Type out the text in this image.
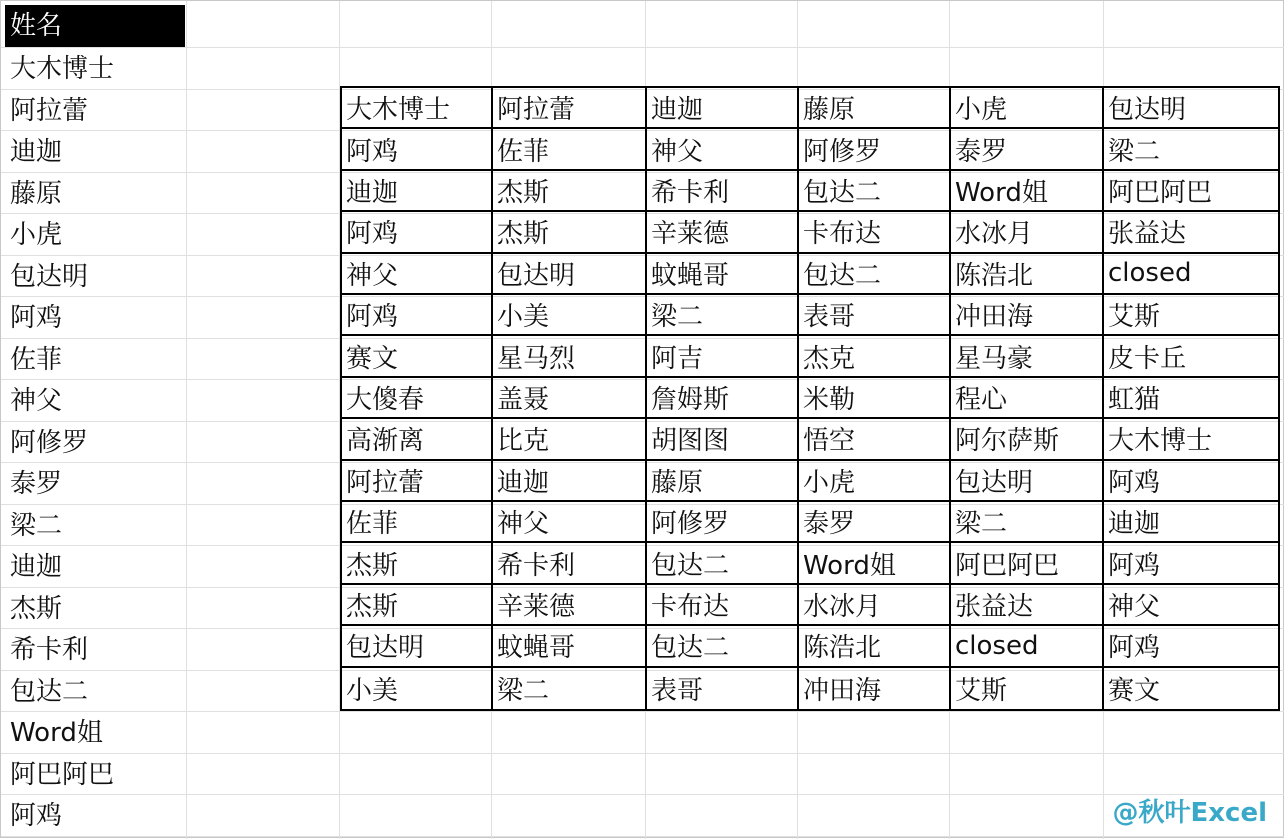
姓名
大木博士
阿拉蕾
迪迦
藤原
小虎
包达明
阿鸡
佐菲
神父
阿修罗
泰罗
梁二
迪迦
杰斯
希卡利
包达二
Word姐
阿巴阿巴
阿鸡
大木博士	阿拉蕾	迪迦	藤原	小虎	包达明
阿鸡	佐菲	神父	阿修罗	泰罗	梁二
迪迦	杰斯	希卡利	包达二	Word姐	阿巴阿巴
阿鸡	杰斯	辛莱德	卡布达	水冰月	张益达
神父	包达明	蚊蝇哥	包达二	陈浩北	closed
阿鸡	小美	梁二	表哥	冲田海	艾斯
赛文	星马烈	阿吉	杰克	星马豪	皮卡丘
大傻春	盖聂	詹姆斯	米勒	程心	虹猫
高渐离	比克	胡图图	悟空	阿尔萨斯	大木博士
阿拉蕾	迪迦	藤原	小虎	包达明	阿鸡
佐菲	神父	阿修罗	泰罗	梁二	迪迦
杰斯	希卡利	包达二	Word姐	阿巴阿巴	阿鸡
杰斯	辛莱德	卡布达	水冰月	张益达	神父
包达明	蚊蝇哥	包达二	陈浩北	closed	阿鸡
小美	梁二	表哥	冲田海	艾斯	赛文
@秋叶Excel
